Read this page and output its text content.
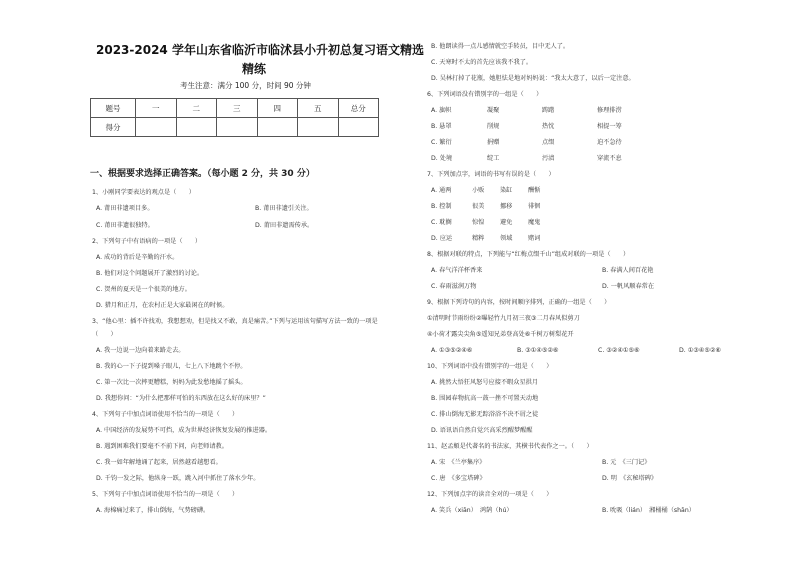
2023-2024 学年山东省临沂市临沭县小升初总复习语文精选
精练
考生注意：满分 100 分，时间 90 分钟
题号	一	二	三	四	五	总分
得分						
一、根据要求选择正确答案。（每小题 2 分，共 30 分）
1、小刚同学要表达的观点是（　　）
A. 莆田非遗项目多。	B. 莆田非遗引关注。
C. 莆田非遗很独特。	D. 莆田非遗需传承。
2、下列句子中有语病的一项是（　　）
A. 成功的背后是辛勤的汗水。
B. 他们对这个问题展开了激烈的讨论。
C. 贺州的夏天是一个很美的地方。
D. 猎月和正月，在农村正是大家最闲在的时候。
3、“他心里：插不许找劝，我想想劝，但是找又不敢，真是痛苦。”下列与运用该句描写方法一致的一项是
（　　）
A. 我一边说一边向着来路走去。
B. 我的心一下子提到嗓子眼儿，七上八下地跳个不停。
C. 第一次比一次摔更糟糕，妈妈为此发愁地摇了摇头。
D. 我想你问：“为什么把那样可怕的东西放在这么好的床里？”
4、下列句子中加点词语使用不恰当的一项是（　　）
A. 中国经济的发展势不可挡，成为世界经济恢复发展的推进器。
B. 遇到困难我们要毫不不前下问，向老师请教。
C. 我一如年解地诵了起来，居然越看越想看。
D. 千钧一发之际，他纵身一跃，跳入河中抓住了落水少年。
5、下列句子中加点词语使用不恰当的一项是（　　）
A. 海棉痛过来了，排山倒海，气势磅礴。
B. 他朗读得一点儿感情就空手转员，目中无人了。
C. 天寒时不太的首先应该我不我了。
D. 吴林打掉了花瓶，她胆怯是地对妈妈说：“我太大意了，以后一定注意。
6、下列词语没有错别字的一组是（　　）
A. 旗帜	凝聚	踌躇	修理排涝
B. 悬罩	削规	热忱	相提一筹
C. 繁衍	捐赠	点缀	迫不急待
D. 处境	绽工	污渍	穿流不息
7、下列加点字，词语的书写有误的是（　　）
A. 通两	小贩	染缸	酬惭
B. 控制	很美	挪移	徘徊
C. 耽搁	惊惶	避免	魔鬼
D. 应运	精粹	领域	赌词
8、根据对联的特点，下列能与“红梅点缀千山”组成对联的一项是（　　）
A. 春气洋洋杯香来	B. 春满人间百花艳
C. 春雨滋润万物	D. 一帆风顺春常在
9、根据下列诗句的内容，按时间顺序排列，正确的一组是（　　）
①清明时节雨纷纷②曝轻竹九月初三夜③二月春风似剪刀
④小荷才露尖尖角⑤遥知兄弟登高处⑥千树万树梨花开
A. ①③⑤②④⑥	B. ③①④⑤②⑥	C. ③②④①⑤⑥	D. ①③④⑤②⑥
10、下列词语中没有错别字的一组是（　　）
A. 挑然大悟狂风怒号应接不暇众星拱月
B. 围园春物抗高一鼓一挫不可置天动地
C. 排山倒海无影无踪浴浴不决不屑之徒
D. 语讯语自然自觉兴高采烈醒梦醒醒
11、赵孟頫是代著名的书法家，其横书代表作之一。（　　）
A. 宋　《兰亭集序》	B. 元　《三门记》
C. 唐　《多宝塔碑》	D. 明　《玄秘塔碑》
12、下列加点字的读音全对的一项是（　　）
A. 笑兵（xiān）　鸿鹄（hú）	B. 吮吸（lián）　湘桶桶（shān）
